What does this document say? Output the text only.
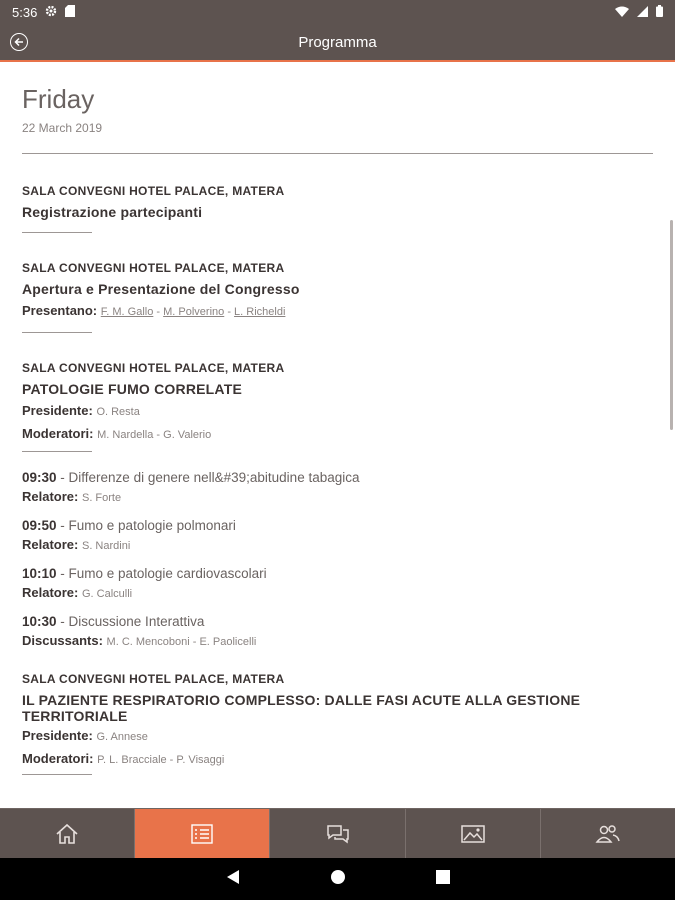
5:36
Programma
Friday
22 March 2019
SALA CONVEGNI HOTEL PALACE, MATERA
Registrazione partecipanti
SALA CONVEGNI HOTEL PALACE, MATERA
Apertura e Presentazione del Congresso
Presentano: F. M. Gallo - M. Polverino - L. Richeldi
SALA CONVEGNI HOTEL PALACE, MATERA
PATOLOGIE FUMO CORRELATE
Presidente: O. Resta
Moderatori: M. Nardella - G. Valerio
09:30 - Differenze di genere nell&#39;abitudine tabagica
Relatore: S. Forte
09:50 - Fumo e patologie polmonari
Relatore: S. Nardini
10:10 - Fumo e patologie cardiovascolari
Relatore: G. Calculli
10:30 - Discussione Interattiva
Discussants: M. C. Mencoboni - E. Paolicelli
SALA CONVEGNI HOTEL PALACE, MATERA
IL PAZIENTE RESPIRATORIO COMPLESSO: DALLE FASI ACUTE ALLA GESTIONE TERRITORIALE
Presidente: G. Annese
Moderatori: P. L. Bracciale - P. Visaggi
